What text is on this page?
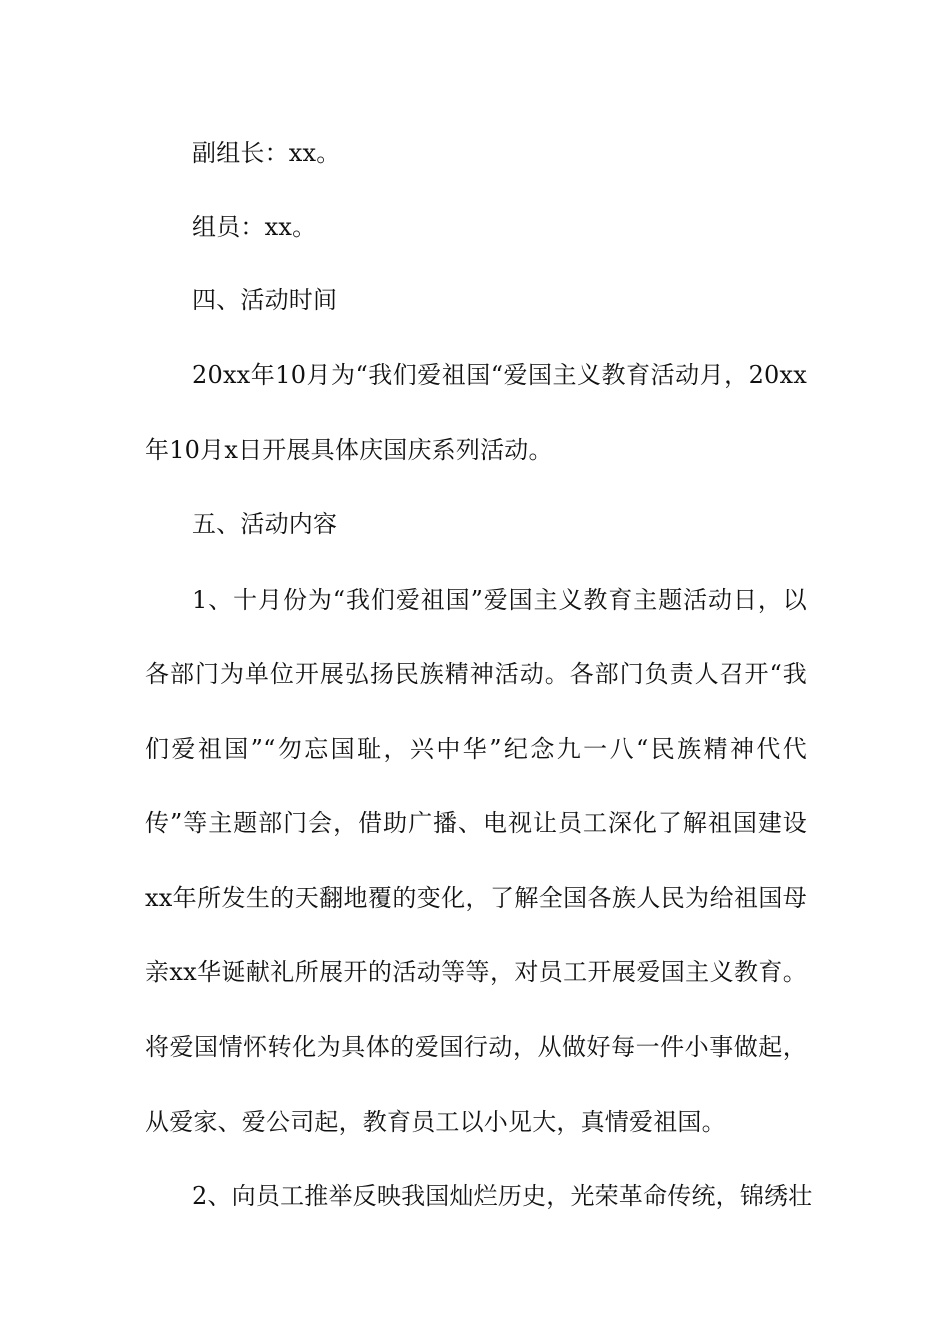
副组长：xx。
组员：xx。
四、活动时间
20xx年10月为“我们爱祖国“爱国主义教育活动月，20xx
年10月x日开展具体庆国庆系列活动。
五、活动内容
1、十月份为“我们爱祖国”爱国主义教育主题活动日，以
各部门为单位开展弘扬民族精神活动。各部门负责人召开“我
们爱祖国”“勿忘国耻，兴中华”纪念九一八“民族精神代代
传”等主题部门会，借助广播、电视让员工深化了解祖国建设
xx年所发生的天翻地覆的变化，了解全国各族人民为给祖国母
亲xx华诞献礼所展开的活动等等，对员工开展爱国主义教育。
将爱国情怀转化为具体的爱国行动，从做好每一件小事做起，
从爱家、爱公司起，教育员工以小见大，真情爱祖国。
2、向员工推举反映我国灿烂历史，光荣革命传统，锦绣壮
